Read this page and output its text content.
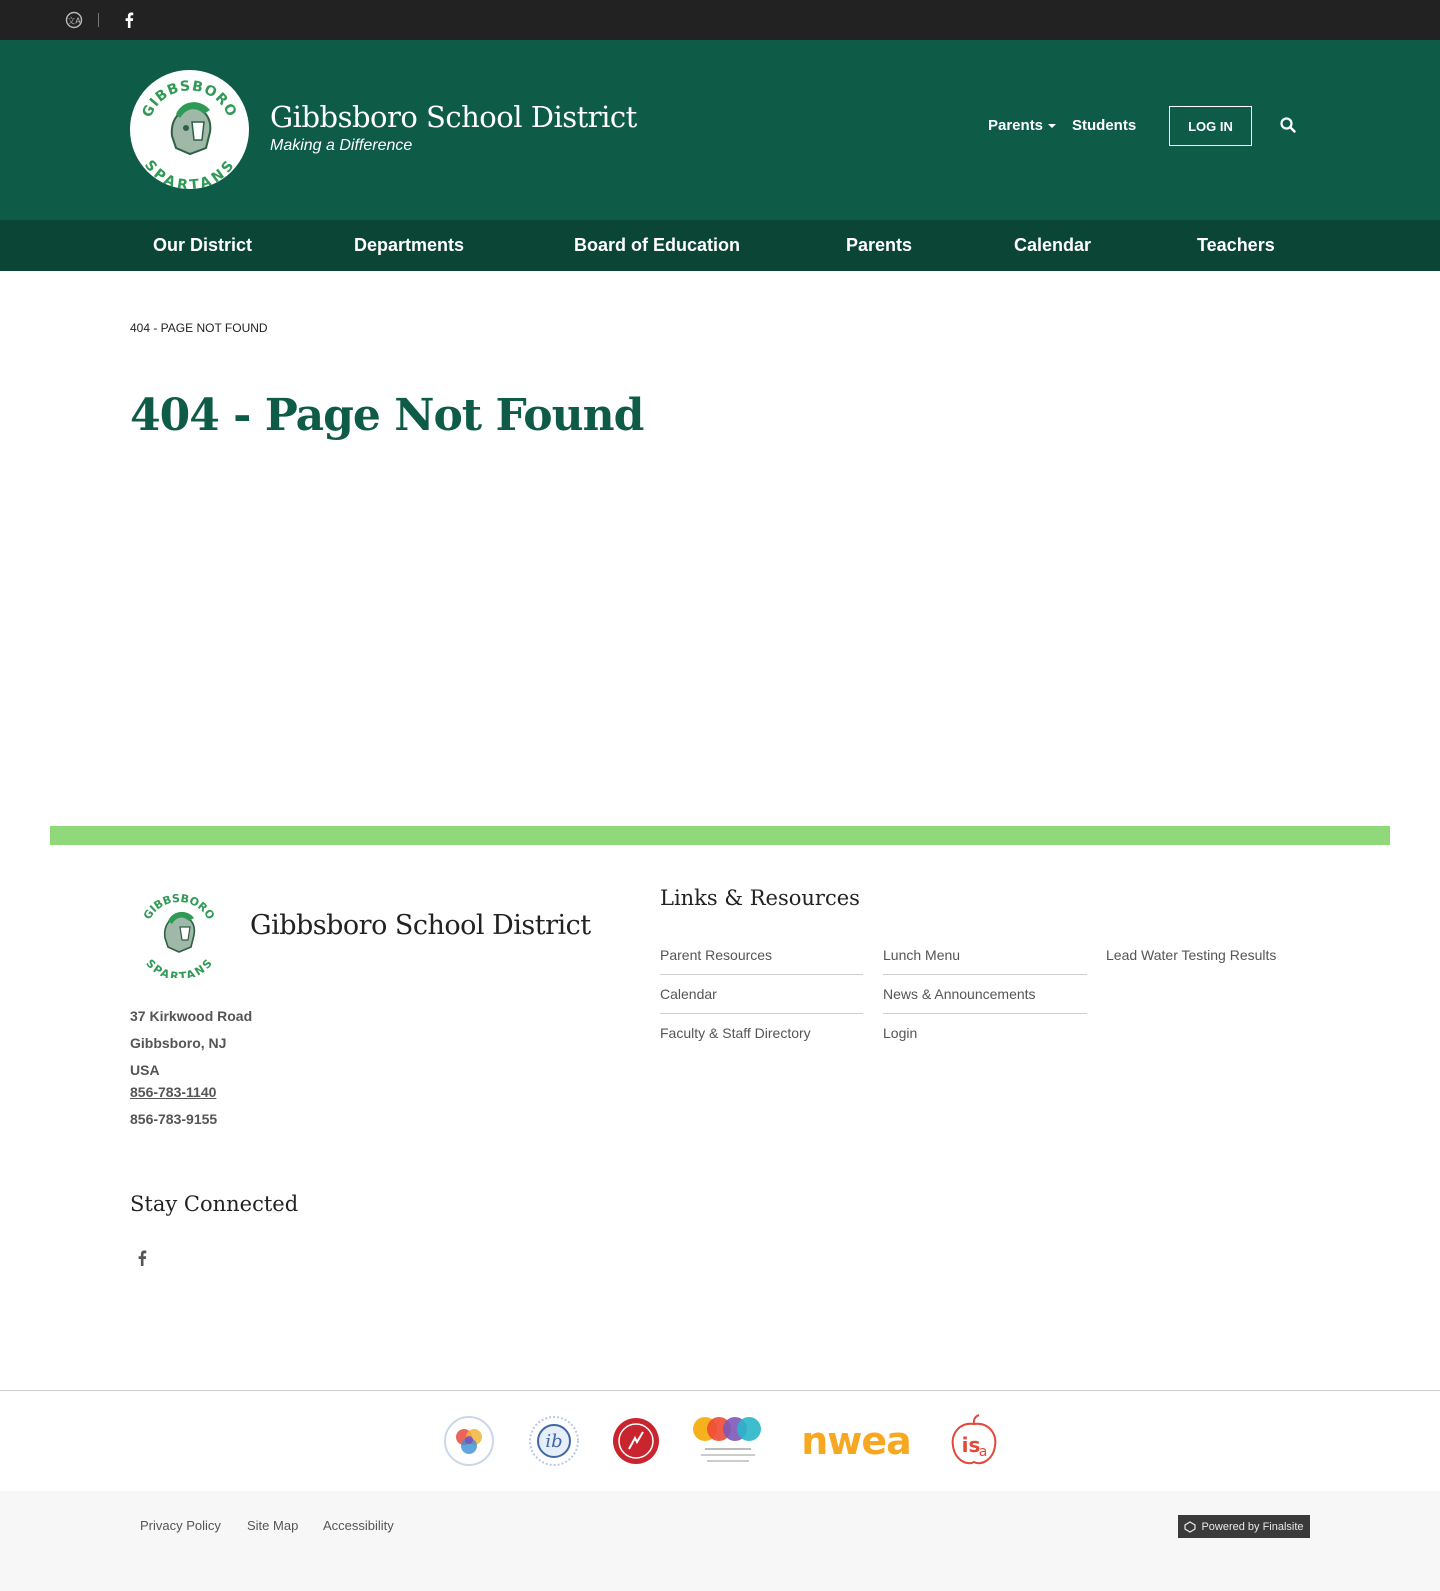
文A
GIBBSBORO
SPARTANS
Gibbsboro School District
Making a Difference
Parents	Students	LOG IN
Our District	Departments	Board of Education	Parents	Calendar	Teachers
404 - PAGE NOT FOUND
404 - Page Not Found
GIBBSBORO
SPARTANS
Gibbsboro School District
37 Kirkwood Road
Gibbsboro, NJ
USA
856-783-1140
856-783-9155
Links & Resources
Parent Resources
Calendar
Faculty & Staff Directory
Lunch Menu
News & Announcements
Login
Lead Water Testing Results
Stay Connected
ib	nwea	is
a
Privacy Policy Site Map Accessibility	Powered by Finalsite
